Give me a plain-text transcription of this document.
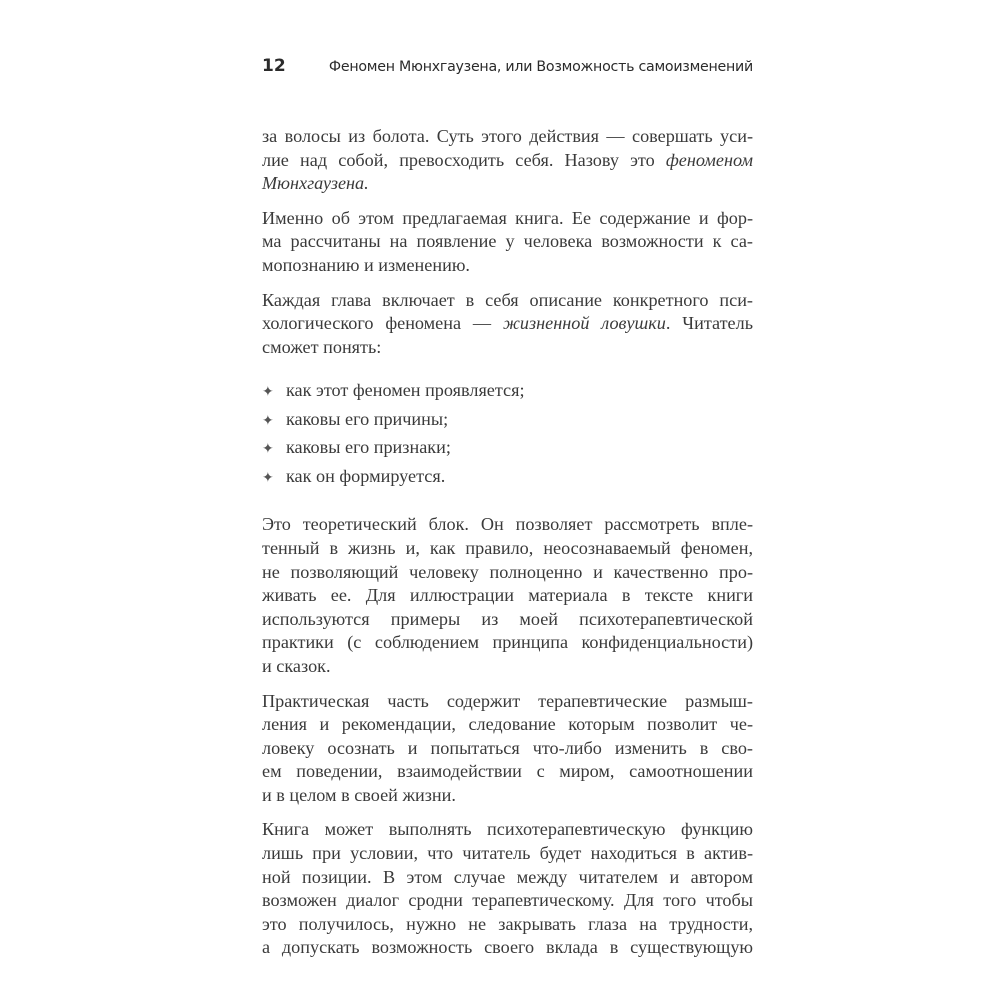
12	Феномен Мюнхгаузена, или Возможность самоизменений

за волосы из болота. Суть этого действия — совершать уси-
лие над собой, превосходить себя. Назову это феноменом
Мюнхгаузена.

Именно об этом предлагаемая книга. Ее содержание и фор-
ма рассчитаны на появление у человека возможности к са-
мопознанию и изменению.

Каждая глава включает в себя описание конкретного пси-
хологического феномена — жизненной ловушки. Читатель
сможет понять:

✦ как этот феномен проявляется;
✦ каковы его причины;
✦ каковы его признаки;
✦ как он формируется.

Это теоретический блок. Он позволяет рассмотреть впле-
тенный в жизнь и, как правило, неосознаваемый феномен,
не позволяющий человеку полноценно и качественно про-
живать ее. Для иллюстрации материала в тексте книги
используются примеры из моей психотерапевтической
практики (с соблюдением принципа конфиденциальности)
и сказок.

Практическая часть содержит терапевтические размыш-
ления и рекомендации, следование которым позволит че-
ловеку осознать и попытаться что-либо изменить в сво-
ем поведении, взаимодействии с миром, самоотношении
и в целом в своей жизни.

Книга может выполнять психотерапевтическую функцию
лишь при условии, что читатель будет находиться в актив-
ной позиции. В этом случае между читателем и автором
возможен диалог сродни терапевтическому. Для того чтобы
это получилось, нужно не закрывать глаза на трудности,
а допускать возможность своего вклада в существующую
